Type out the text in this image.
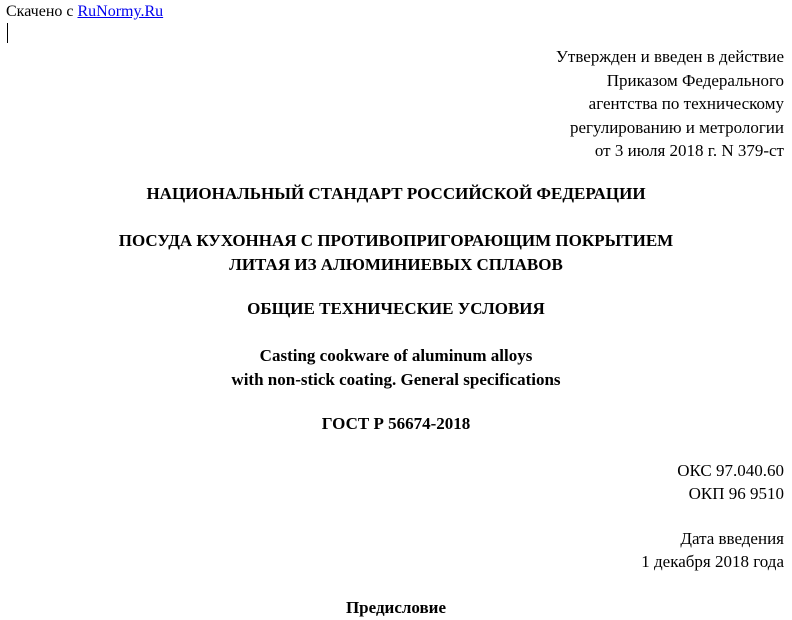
Скачено с RuNormy.Ru
Утвержден и введен в действие
Приказом Федерального
агентства по техническому
регулированию и метрологии
от 3 июля 2018 г. N 379-ст
НАЦИОНАЛЬНЫЙ СТАНДАРТ РОССИЙСКОЙ ФЕДЕРАЦИИ
ПОСУДА КУХОННАЯ С ПРОТИВОПРИГОРАЮЩИМ ПОКРЫТИЕМ
ЛИТАЯ ИЗ АЛЮМИНИЕВЫХ СПЛАВОВ
ОБЩИЕ ТЕХНИЧЕСКИЕ УСЛОВИЯ
Casting cookware of aluminum alloys
with non-stick coating. General specifications
ГОСТ Р 56674-2018
ОКС 97.040.60
ОКП 96 9510
Дата введения
1 декабря 2018 года
Предисловие
